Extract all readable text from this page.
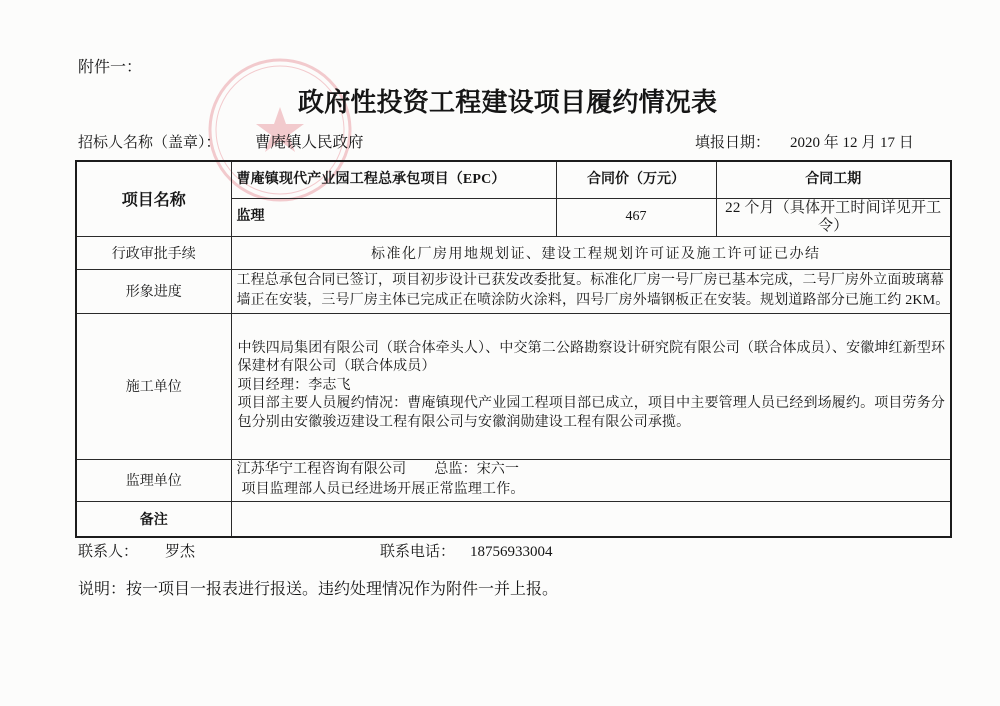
附件一：
政府性投资工程建设项目履约情况表
招标人名称（盖章）： 曹庵镇人民政府	填报日期： 2020 年 12 月 17 日
项目名称	曹庵镇现代产业园工程总承包项目（EPC）	合同价（万元）	合同工期
	监理	467	22 个月（具体开工时间详见开工
令）

行政审批手续	标准化厂房用地规划证、建设工程规划许可证及施工许可证已办结		
形象进度	工程总承包合同已签订，项目初步设计已获发改委批复。标准化厂房一号厂房已基本完成，二号厂房外立面玻璃幕
墙正在安装，三号厂房主体已完成正在喷涂防火涂料，四号厂房外墙钢板正在安装。规划道路部分已施工约 2KM。		

施工单位	中铁四局集团有限公司（联合体牵头人）、中交第二公路勘察设计研究院有限公司（联合体成员）、安徽坤红新型环
保建材有限公司（联合体成员）
项目经理：李志飞
项目部主要人员履约情况：曹庵镇现代产业园工程项目部已成立，项目中主要管理人员已经到场履约。项目劳务分
包分别由安徽骏迈建设工程有限公司与安徽润勋建设工程有限公司承揽。		

监理单位	江苏华宁工程咨询有限公司 总监：宋六一
项目监理部人员已经进场开展正常监理工作。		

备注			
联系人： 罗杰	联系电话： 18756933004
说明：按一项目一报表进行报送。违约处理情况作为附件一并上报。
